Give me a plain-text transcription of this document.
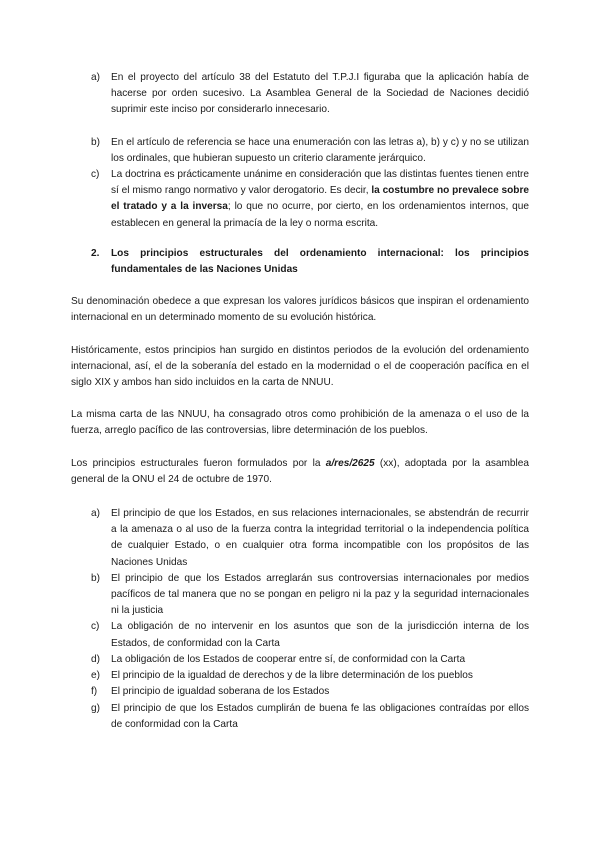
a)	En el proyecto del artículo 38 del Estatuto del T.P.J.I figuraba que la aplicación había de hacerse por orden sucesivo. La Asamblea General de la Sociedad de Naciones decidió suprimir este inciso por considerarlo innecesario.
b)	En el artículo de referencia se hace una enumeración con las letras a), b) y c) y no se utilizan los ordinales, que hubieran supuesto un criterio claramente jerárquico.
c)	La doctrina es prácticamente unánime en consideración que las distintas fuentes tienen entre sí el mismo rango normativo y valor derogatorio. Es decir, la costumbre no prevalece sobre el tratado y a la inversa; lo que no ocurre, por cierto, en los ordenamientos internos, que establecen en general la primacía de la ley o norma escrita.
2.	Los principios estructurales del ordenamiento internacional: los principios fundamentales de las Naciones Unidas

Su denominación obedece a que expresan los valores jurídicos básicos que inspiran el ordenamiento internacional en un determinado momento de su evolución histórica.

Históricamente, estos principios han surgido en distintos periodos de la evolución del ordenamiento internacional, así, el de la soberanía del estado en la modernidad o el de cooperación pacífica en el siglo XIX y ambos han sido incluidos en la carta de NNUU.

La misma carta de las NNUU, ha consagrado otros como prohibición de la amenaza o el uso de la fuerza, arreglo pacífico de las controversias, libre determinación de los pueblos.

Los principios estructurales fueron formulados por la a/res/2625 (xx), adoptada por la asamblea general de la ONU el 24 de octubre de 1970.

a)	El principio de que los Estados, en sus relaciones internacionales, se abstendrán de recurrir a la amenaza o al uso de la fuerza contra la integridad territorial o la independencia política de cualquier Estado, o en cualquier otra forma incompatible con los propósitos de las Naciones Unidas
b)	El principio de que los Estados arreglarán sus controversias internacionales por medios pacíficos de tal manera que no se pongan en peligro ni la paz y la seguridad internacionales ni la justicia
c)	La obligación de no intervenir en los asuntos que son de la jurisdicción interna de los Estados, de conformidad con la Carta
d)	La obligación de los Estados de cooperar entre sí, de conformidad con la Carta
e)	El principio de la igualdad de derechos y de la libre determinación de los pueblos
f)	El principio de igualdad soberana de los Estados
g)	El principio de que los Estados cumplirán de buena fe las obligaciones contraídas por ellos de conformidad con la Carta
